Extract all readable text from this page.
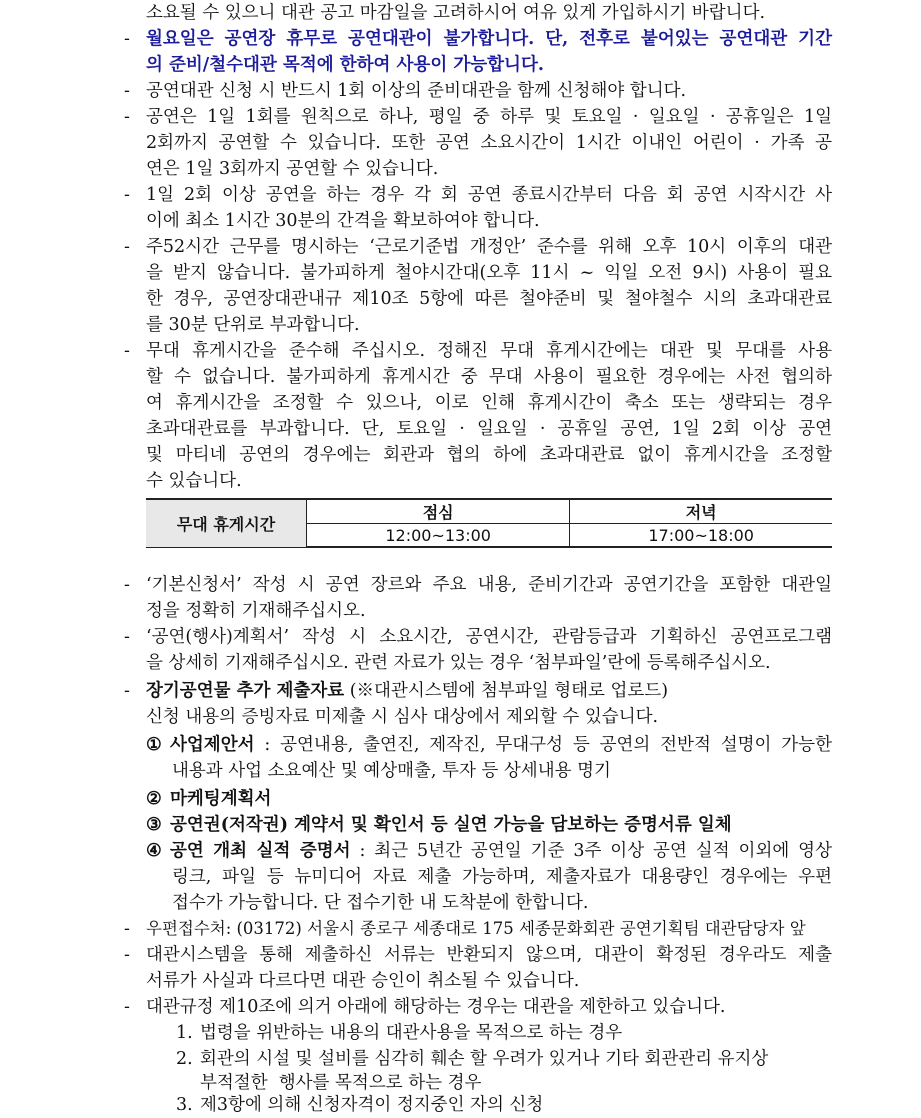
소요될 수 있으니 대관 공고 마감일을 고려하시어 여유 있게 가입하시기 바랍니다.
- 월요일은 공연장 휴무로 공연대관이 불가합니다. 단, 전후로 붙어있는 공연대관 기간
의 준비/철수대관 목적에 한하여 사용이 가능합니다.
- 공연대관 신청 시 반드시 1회 이상의 준비대관을 함께 신청해야 합니다.
- 공연은 1일 1회를 원칙으로 하나, 평일 중 하루 및 토요일 · 일요일 · 공휴일은 1일
2회까지 공연할 수 있습니다. 또한 공연 소요시간이 1시간 이내인 어린이 · 가족 공
연은 1일 3회까지 공연할 수 있습니다.
- 1일 2회 이상 공연을 하는 경우 각 회 공연 종료시간부터 다음 회 공연 시작시간 사
이에 최소 1시간 30분의 간격을 확보하여야 합니다.
- 주52시간 근무를 명시하는 ‘근로기준법 개정안’ 준수를 위해 오후 10시 이후의 대관
을 받지 않습니다. 불가피하게 철야시간대(오후 11시 ~ 익일 오전 9시) 사용이 필요
한 경우, 공연장대관내규 제10조 5항에 따른 철야준비 및 철야철수 시의 초과대관료
를 30분 단위로 부과합니다.
- 무대 휴게시간을 준수해 주십시오. 정해진 무대 휴게시간에는 대관 및 무대를 사용
할 수 없습니다. 불가피하게 휴게시간 중 무대 사용이 필요한 경우에는 사전 협의하
여 휴게시간을 조정할 수 있으나, 이로 인해 휴게시간이 축소 또는 생략되는 경우
초과대관료를 부과합니다. 단, 토요일 · 일요일 · 공휴일 공연, 1일 2회 이상 공연
및 마티네 공연의 경우에는 회관과 협의 하에 초과대관료 없이 휴게시간을 조정할
수 있습니다.
무대 휴게시간	점심	저녁
	12:00~13:00	17:00~18:00
- ‘기본신청서’ 작성 시 공연 장르와 주요 내용, 준비기간과 공연기간을 포함한 대관일
정을 정확히 기재해주십시오.
- ‘공연(행사)계획서’ 작성 시 소요시간, 공연시간, 관람등급과 기획하신 공연프로그램
을 상세히 기재해주십시오. 관련 자료가 있는 경우 ‘첨부파일’란에 등록해주십시오.
- 장기공연물 추가 제출자료 (※대관시스템에 첨부파일 형태로 업로드)
신청 내용의 증빙자료 미제출 시 심사 대상에서 제외할 수 있습니다.
① 사업제안서 : 공연내용, 출연진, 제작진, 무대구성 등 공연의 전반적 설명이 가능한
내용과 사업 소요예산 및 예상매출, 투자 등 상세내용 명기
② 마케팅계획서
③ 공연권(저작권) 계약서 및 확인서 등 실연 가능을 담보하는 증명서류 일체
④ 공연 개최 실적 증명서 : 최근 5년간 공연일 기준 3주 이상 공연 실적 이외에 영상
링크, 파일 등 뉴미디어 자료 제출 가능하며, 제출자료가 대용량인 경우에는 우편
접수가 가능합니다. 단 접수기한 내 도착분에 한합니다.
- 우편접수처: (03172) 서울시 종로구 세종대로 175 세종문화회관 공연기획팀 대관담당자 앞
- 대관시스템을 통해 제출하신 서류는 반환되지 않으며, 대관이 확정된 경우라도 제출
서류가 사실과 다르다면 대관 승인이 취소될 수 있습니다.
- 대관규정 제10조에 의거 아래에 해당하는 경우는 대관을 제한하고 있습니다.
1. 법령을 위반하는 내용의 대관사용을 목적으로 하는 경우
2. 회관의 시설 및 설비를 심각히 훼손 할 우려가 있거나 기타 회관관리 유지상
부적절한  행사를 목적으로 하는 경우
3. 제3항에 의해 신청자격이 정지중인 자의 신청
